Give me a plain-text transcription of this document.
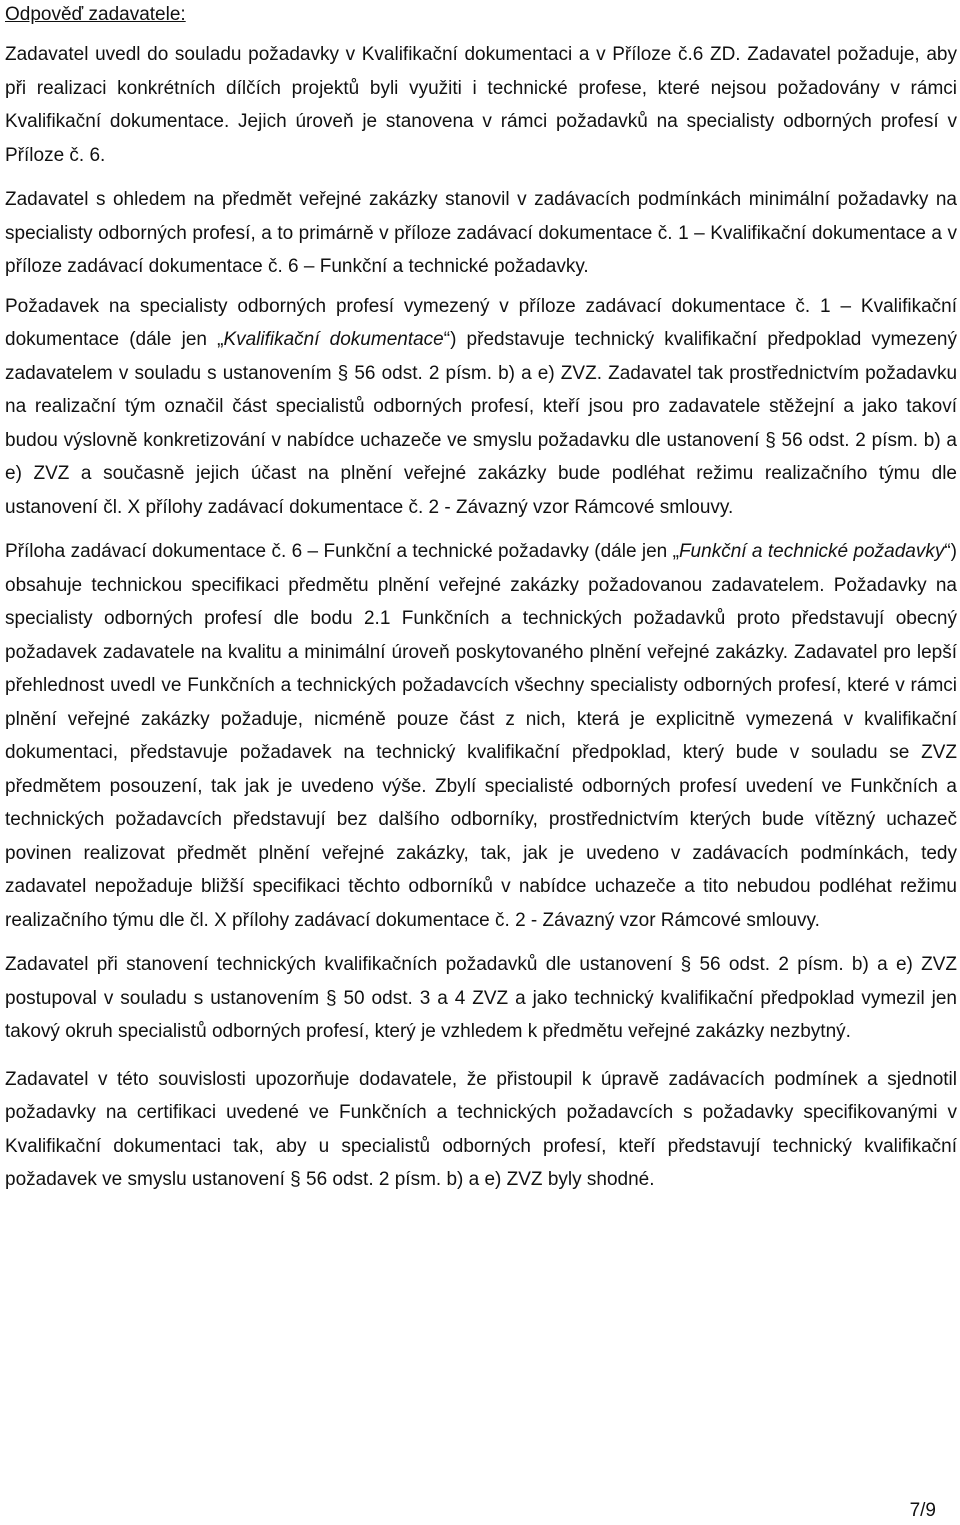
Odpověď zadavatele:

Zadavatel uvedl do souladu požadavky v Kvalifikační dokumentaci a v Příloze č.6 ZD. Zadavatel požaduje, aby při realizaci konkrétních dílčích projektů byli využiti i technické profese, které nejsou požadovány v rámci Kvalifikační dokumentace. Jejich úroveň je stanovena v rámci požadavků na specialisty odborných profesí v Příloze č. 6.

Zadavatel s ohledem na předmět veřejné zakázky stanovil v zadávacích podmínkách minimální požadavky na specialisty odborných profesí, a to primárně v příloze zadávací dokumentace č. 1 – Kvalifikační dokumentace a v příloze zadávací dokumentace č. 6 – Funkční a technické požadavky.

Požadavek na specialisty odborných profesí vymezený v příloze zadávací dokumentace č. 1 – Kvalifikační dokumentace (dále jen „Kvalifikační dokumentace“) představuje technický kvalifikační předpoklad vymezený zadavatelem v souladu s ustanovením § 56 odst. 2 písm. b) a e) ZVZ. Zadavatel tak prostřednictvím požadavku na realizační tým označil část specialistů odborných profesí, kteří jsou pro zadavatele stěžejní a jako takoví budou výslovně konkretizování v nabídce uchazeče ve smyslu požadavku dle ustanovení § 56 odst. 2 písm. b) a e) ZVZ a současně jejich účast na plnění veřejné zakázky bude podléhat režimu realizačního týmu dle ustanovení čl. X přílohy zadávací dokumentace č. 2 - Závazný vzor Rámcové smlouvy.

Příloha zadávací dokumentace č. 6 – Funkční a technické požadavky (dále jen „Funkční a technické požadavky“) obsahuje technickou specifikaci předmětu plnění veřejné zakázky požadovanou zadavatelem. Požadavky na specialisty odborných profesí dle bodu 2.1 Funkčních a technických požadavků proto představují obecný požadavek zadavatele na kvalitu a minimální úroveň poskytovaného plnění veřejné zakázky. Zadavatel pro lepší přehlednost uvedl ve Funkčních a technických požadavcích všechny specialisty odborných profesí, které v rámci plnění veřejné zakázky požaduje, nicméně pouze část z nich, která je explicitně vymezená v kvalifikační dokumentaci, představuje požadavek na technický kvalifikační předpoklad, který bude v souladu se ZVZ předmětem posouzení, tak jak je uvedeno výše. Zbylí specialisté odborných profesí uvedení ve Funkčních a technických požadavcích představují bez dalšího odborníky, prostřednictvím kterých bude vítězný uchazeč povinen realizovat předmět plnění veřejné zakázky, tak, jak je uvedeno v zadávacích podmínkách, tedy zadavatel nepožaduje bližší specifikaci těchto odborníků v nabídce uchazeče a tito nebudou podléhat režimu realizačního týmu dle čl. X přílohy zadávací dokumentace č. 2 - Závazný vzor Rámcové smlouvy.

Zadavatel při stanovení technických kvalifikačních požadavků dle ustanovení § 56 odst. 2 písm. b) a e) ZVZ postupoval v souladu s ustanovením § 50 odst. 3 a 4 ZVZ a jako technický kvalifikační předpoklad vymezil jen takový okruh specialistů odborných profesí, který je vzhledem k předmětu veřejné zakázky nezbytný.

Zadavatel v této souvislosti upozorňuje dodavatele, že přistoupil k úpravě zadávacích podmínek a sjednotil požadavky na certifikaci uvedené ve Funkčních a technických požadavcích s požadavky specifikovanými v Kvalifikační dokumentaci tak, aby u specialistů odborných profesí, kteří představují technický kvalifikační požadavek ve smyslu ustanovení § 56 odst. 2 písm. b) a e) ZVZ byly shodné.

7/9
